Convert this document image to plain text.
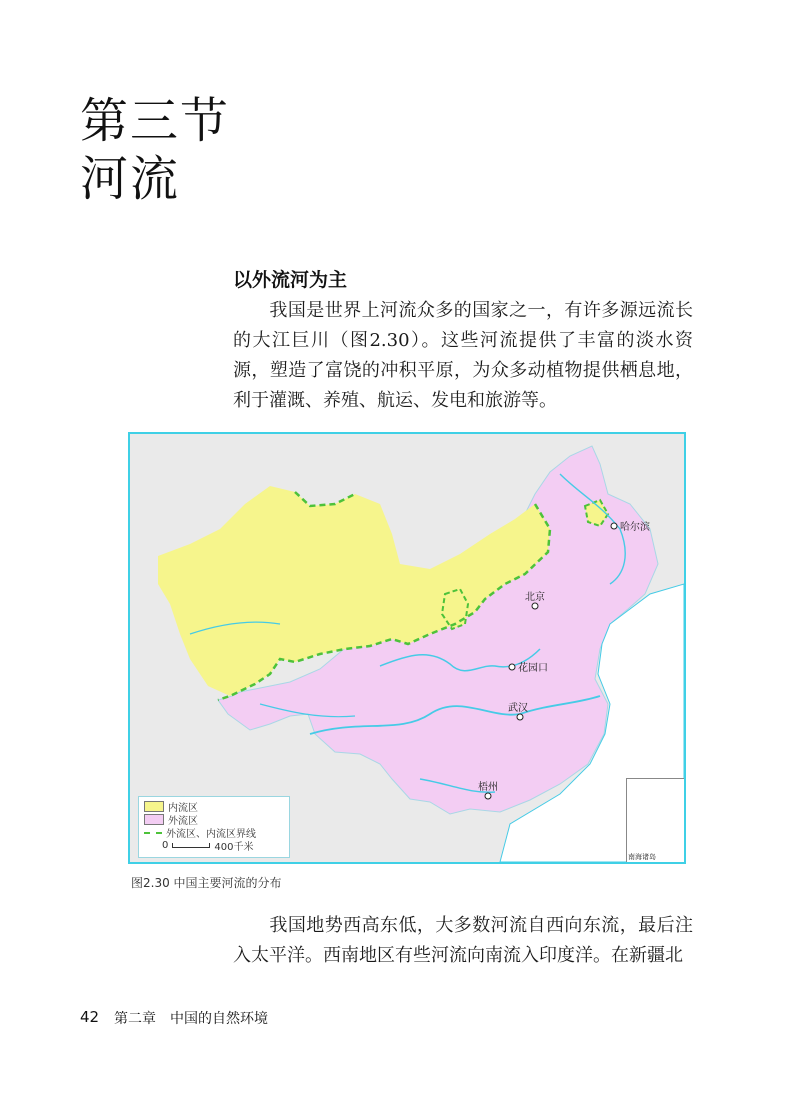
第三节
河流
以外流河为主

我国是世界上河流众多的国家之一，有许多源远流长的大江巨川（图2.30）。这些河流提供了丰富的淡水资源，塑造了富饶的冲积平原，为众多动植物提供栖息地，利于灌溉、养殖、航运、发电和旅游等。

北京
哈尔滨
花园口
武汉
梧州
内流区
外流区
外流区、内流区界线
0	400千米
南海诸岛
图2.30 中国主要河流的分布

我国地势西高东低，大多数河流自西向东流，最后注入太平洋。西南地区有些河流向南流入印度洋。在新疆北

42 第二章　中国的自然环境
